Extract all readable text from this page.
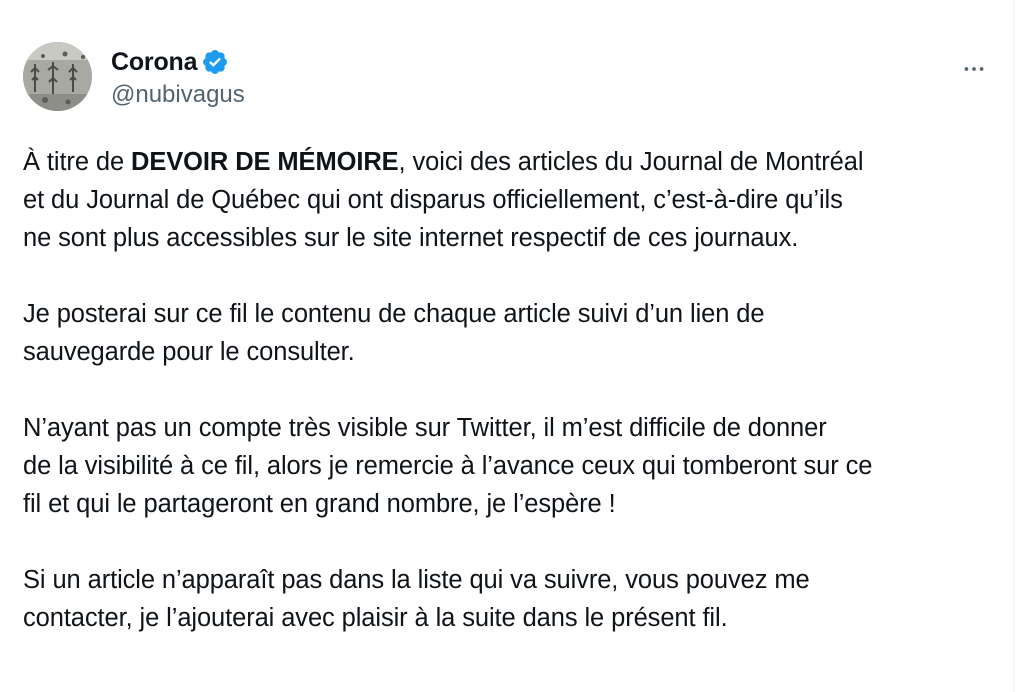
Corona
@nubivagus

À titre de DEVOIR DE MÉMOIRE, voici des articles du Journal de Montréal
et du Journal de Québec qui ont disparus officiellement, c’est-à-dire qu’ils
ne sont plus accessibles sur le site internet respectif de ces journaux.

Je posterai sur ce fil le contenu de chaque article suivi d’un lien de
sauvegarde pour le consulter.

N’ayant pas un compte très visible sur Twitter, il m’est difficile de donner
de la visibilité à ce fil, alors je remercie à l’avance ceux qui tomberont sur ce
fil et qui le partageront en grand nombre, je l’espère !

Si un article n’apparaît pas dans la liste qui va suivre, vous pouvez me
contacter, je l’ajouterai avec plaisir à la suite dans le présent fil.
